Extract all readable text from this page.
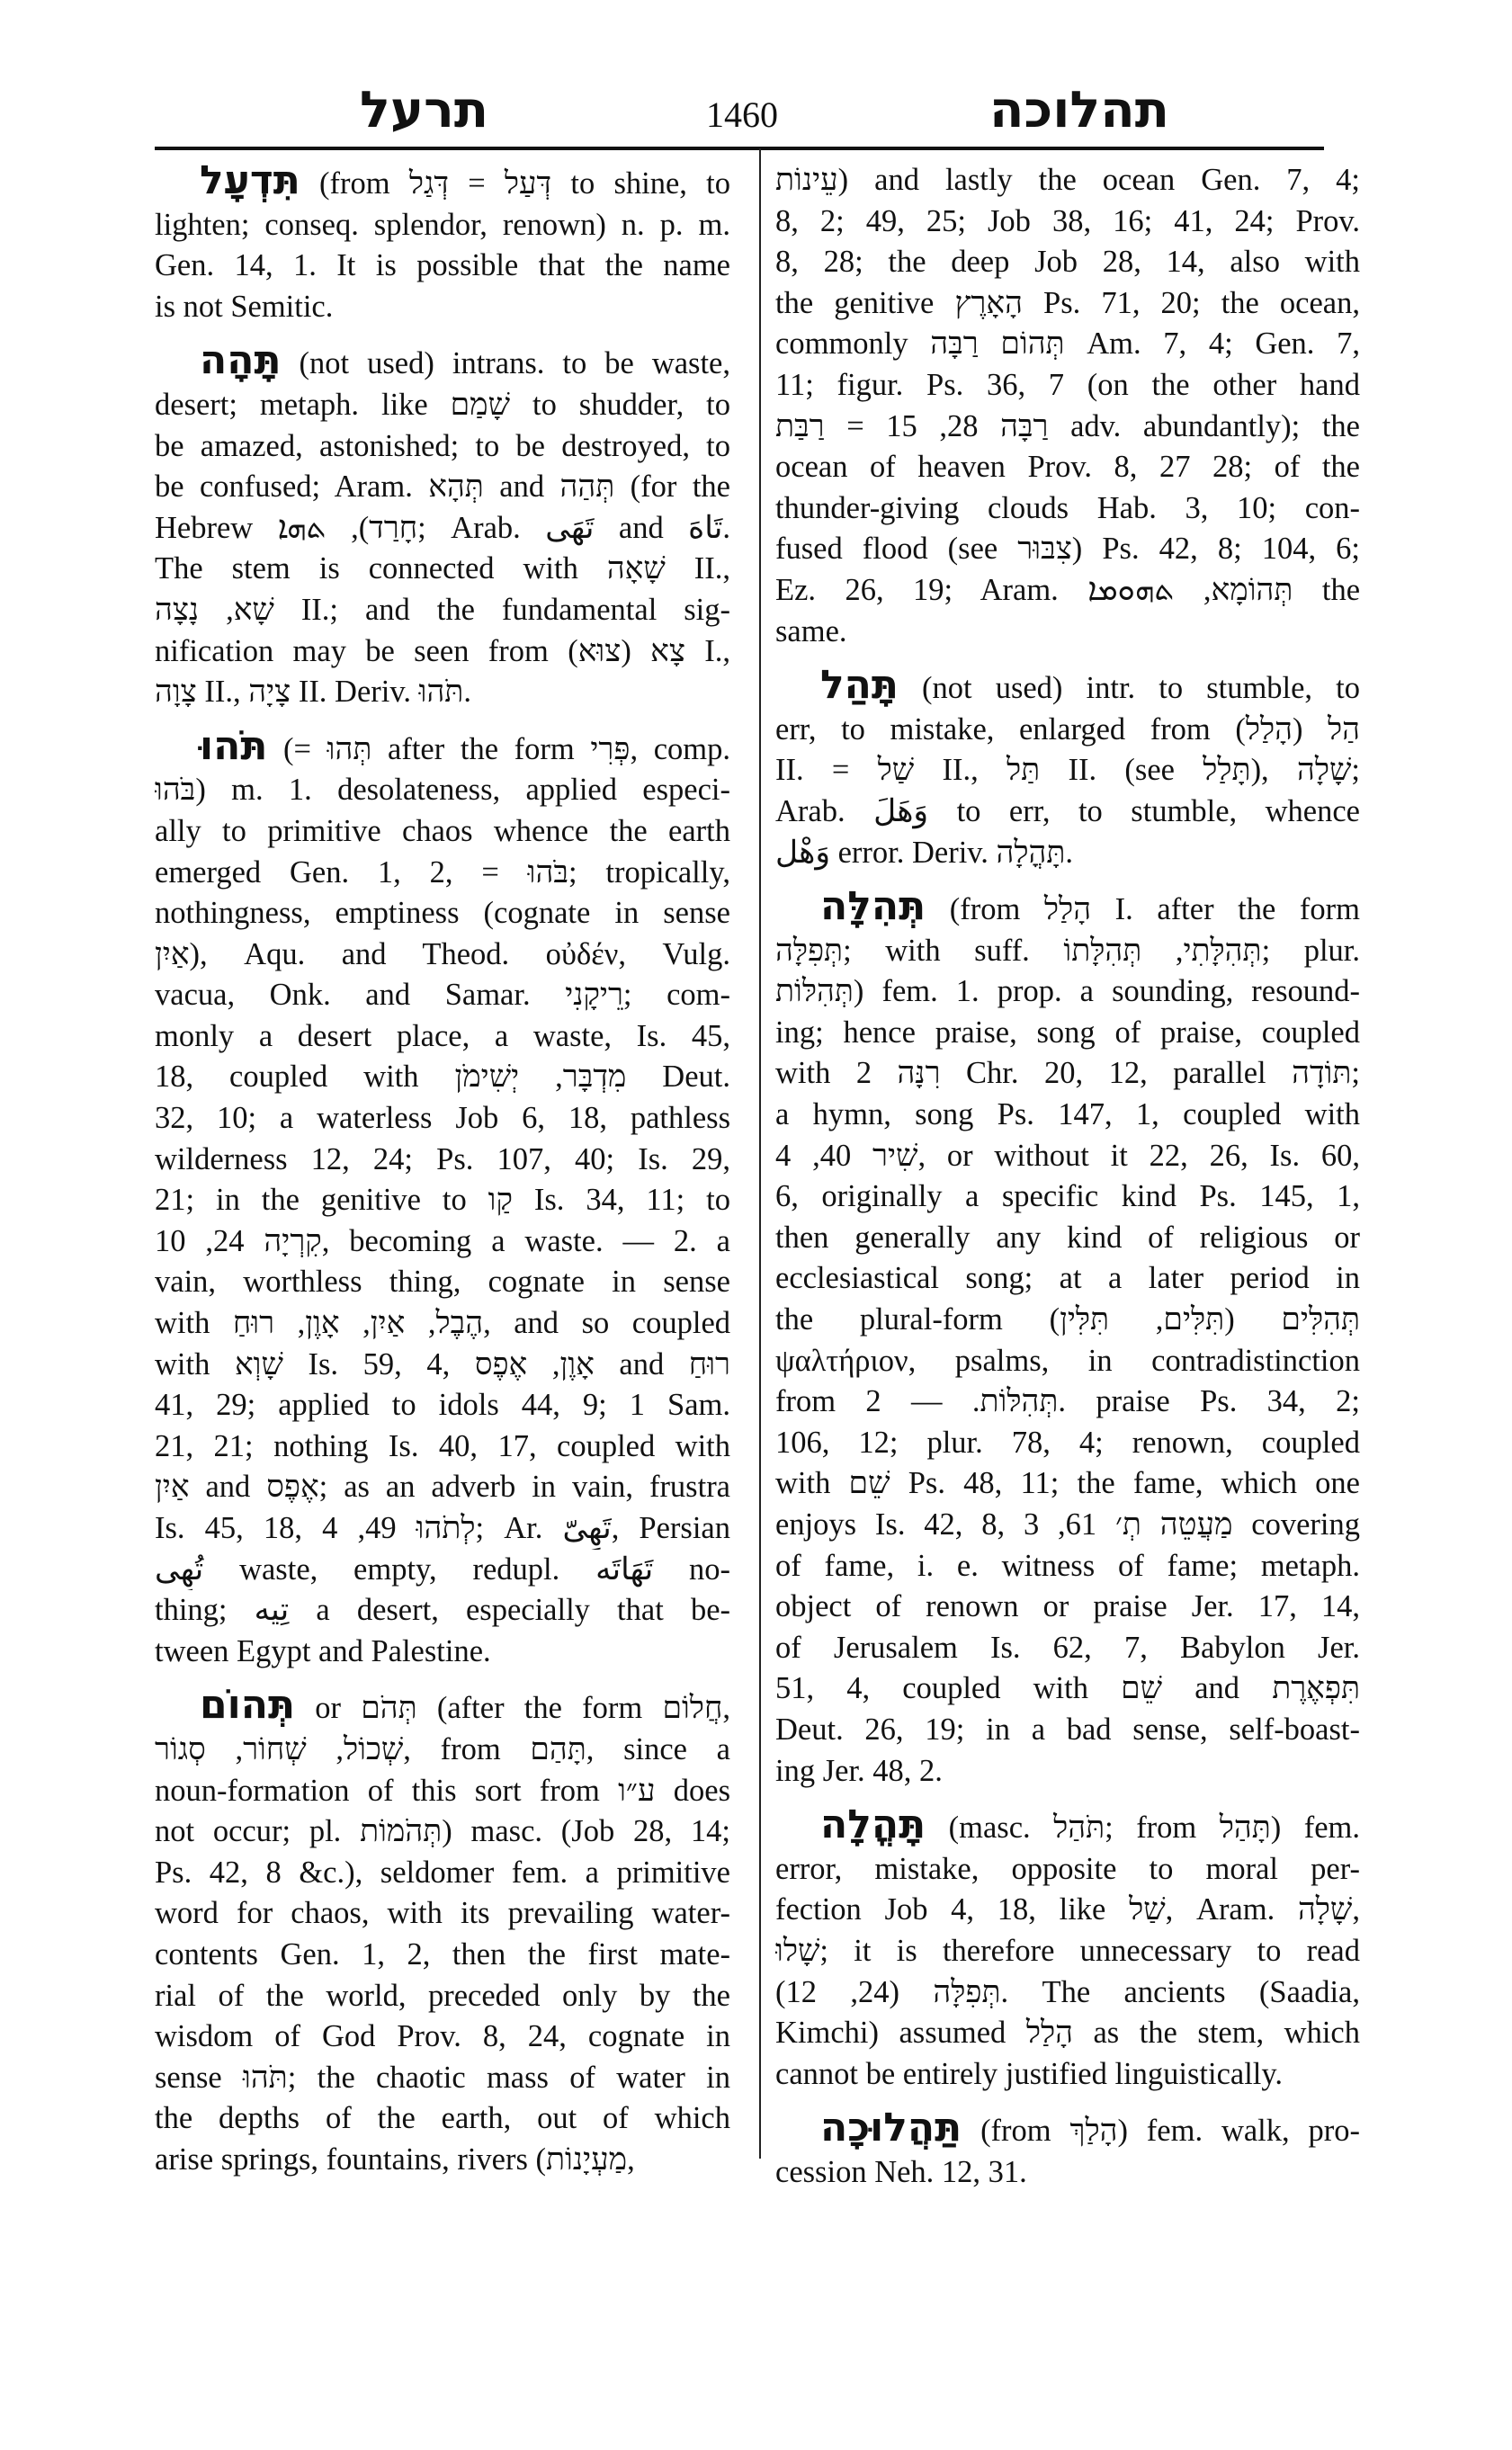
תרעל	1460	תהלוכה
תִּדְעָל (from דְּעַל = דְּגַל to shine, to
lighten; conseq. splendor, renown) n. p. m.
Gen. 14, 1. It is possible that the name
is not Semitic.
תָּהָה (not used) intrans. to be waste,
desert; metaph. like שָׁמַם to shudder, to
be amazed, astonished; to be destroyed, to
be confused; Aram. תְּהָא and תְּהַה (for the
Hebrew חָרַד), ܬܗܐ; Arab. تَهَى and تَاهَ.
The stem is connected with שָׁאָה II.,
שָׁא, נָצָה II.; and the fundamental sig-
nification may be seen from צָא (צוּא) I.,
צָוָה II., צָיָה II. Deriv. תֹּהוּ.
תֹּהוּ (= תְּהוּ after the form פְּרִי, comp.
בֹּהוּ) m. 1. desolateness, applied especi-
ally to primitive chaos whence the earth
emerged Gen. 1, 2, = בֹּהוּ; tropically,
nothingness, emptiness (cognate in sense
אַיִן), Aqu. and Theod. οὐδέν, Vulg.
vacua, Onk. and Samar. רֵיקָנִי; com-
monly a desert place, a waste, Is. 45,
18, coupled with מִדְבָּר, יְשִׁימֹן Deut.
32, 10; a waterless Job 6, 18, pathless
wilderness 12, 24; Ps. 107, 40; Is. 29,
21; in the genitive to קַו Is. 34, 11; to
קִרְיָה 24, 10, becoming a waste. — 2. a
vain, worthless thing, cognate in sense
with הֶבֶל, אַיִן, אָוֶן, רוּחַ, and so coupled
with שָׁוְא Is. 59, 4, אָוֶן, אֶפֶס and רוּחַ
41, 29; applied to idols 44, 9; 1 Sam.
21, 21; nothing Is. 40, 17, coupled with
אַיִן and אֶפֶס; as an adverb in vain, frustra
Is. 45, 18, לְתֹהוּ 49, 4; Ar. تَهِىّ, Persian
تُهِى waste, empty, redupl. تَهَاتَه no-
thing; تِيه a desert, especially that be-
tween Egypt and Palestine.
תְּהוֹם or תְּהֹם (after the form חֲלוֹם,
שְׁכוֹל, שְׁחוֹר, סְגוֹר, from תָּהַם, since a
noun-formation of this sort from ע״ו does
not occur; pl. תְּהֹמוֹת) masc. (Job 28, 14;
Ps. 42, 8 &c.), seldomer fem. a primitive
word for chaos, with its prevailing water-
contents Gen. 1, 2, then the first mate-
rial of the world, preceded only by the
wisdom of God Prov. 8, 24, cognate in
sense תֹּהוּ; the chaotic mass of water in
the depths of the earth, out of which
arise springs, fountains, rivers (מַעְיָנוֹת,
עֵינוֹת) and lastly the ocean Gen. 7, 4;
8, 2; 49, 25; Job 38, 16; 41, 24; Prov.
8, 28; the deep Job 28, 14, also with
the genitive הָאָרֶץ Ps. 71, 20; the ocean,
commonly תְּהוֹם רַבָּה Am. 7, 4; Gen. 7,
11; figur. Ps. 36, 7 (on the other hand
רַבָּה 28, 15 = רַבַּת adv. abundantly); the
ocean of heaven Prov. 8, 27 28; of the
thunder-giving clouds Hab. 3, 10; con-
fused flood (see צִבּוּר) Ps. 42, 8; 104, 6;
Ez. 26, 19; Aram. תְּהוֹמָא, ܬܗܘܡܐ the
same.
תָּהַל (not used) intr. to stumble, to
err, to mistake, enlarged from הַל (הָלַל)
II. = שַׁל II., תַּל II. (see תָּלַל), שָׁלָה;
Arab. وَهَلَ to err, to stumble, whence
وَهْل error. Deriv. תָּהֳלָה.
תְּהִלָּה (from הָלַל I. after the form
תְּפִלָּה; with suff. תְּהִלָּתִי, תְּהִלָּתוֹ; plur.
תְּהִלּוֹת) fem. 1. prop. a sounding, resound-
ing; hence praise, song of praise, coupled
with רִנָּה 2 Chr. 20, 12, parallel תּוֹדָה;
a hymn, song Ps. 147, 1, coupled with
שִׁיר 40, 4, or without it 22, 26, Is. 60,
6, originally a specific kind Ps. 145, 1,
then generally any kind of religious or
ecclesiastical song; at a later period in
the plural-form תְּהִלִּים (תִּלִּים, תִּלִּין)
ψαλτήριον, psalms, in contradistinction
from תְּהִלּוֹת. — 2. praise Ps. 34, 2;
106, 12; plur. 78, 4; renown, coupled
with שֵׁם Ps. 48, 11; the fame, which one
enjoys Is. 42, 8, מַעֲטֵה תְ׳ 61, 3 covering
of fame, i. e. witness of fame; metaph.
object of renown or praise Jer. 17, 14,
of Jerusalem Is. 62, 7, Babylon Jer.
51, 4, coupled with שֵׁם and תִּפְאֶרֶת
Deut. 26, 19; in a bad sense, self-boast-
ing Jer. 48, 2.
תָּהֳלָה (masc. תֹּהַל; from תָּהַל) fem.
error, mistake, opposite to moral per-
fection Job 4, 18, like שַׁל, Aram. שָׁלָה,
שָׁלוּ; it is therefore unnecessary to read
תְּפִלָּה (24, 12). The ancients (Saadia,
Kimchi) assumed הָלַל as the stem, which
cannot be entirely justified linguistically.
תַּהֲלוּכָה (from הָלַךְ) fem. walk, pro-
cession Neh. 12, 31.
